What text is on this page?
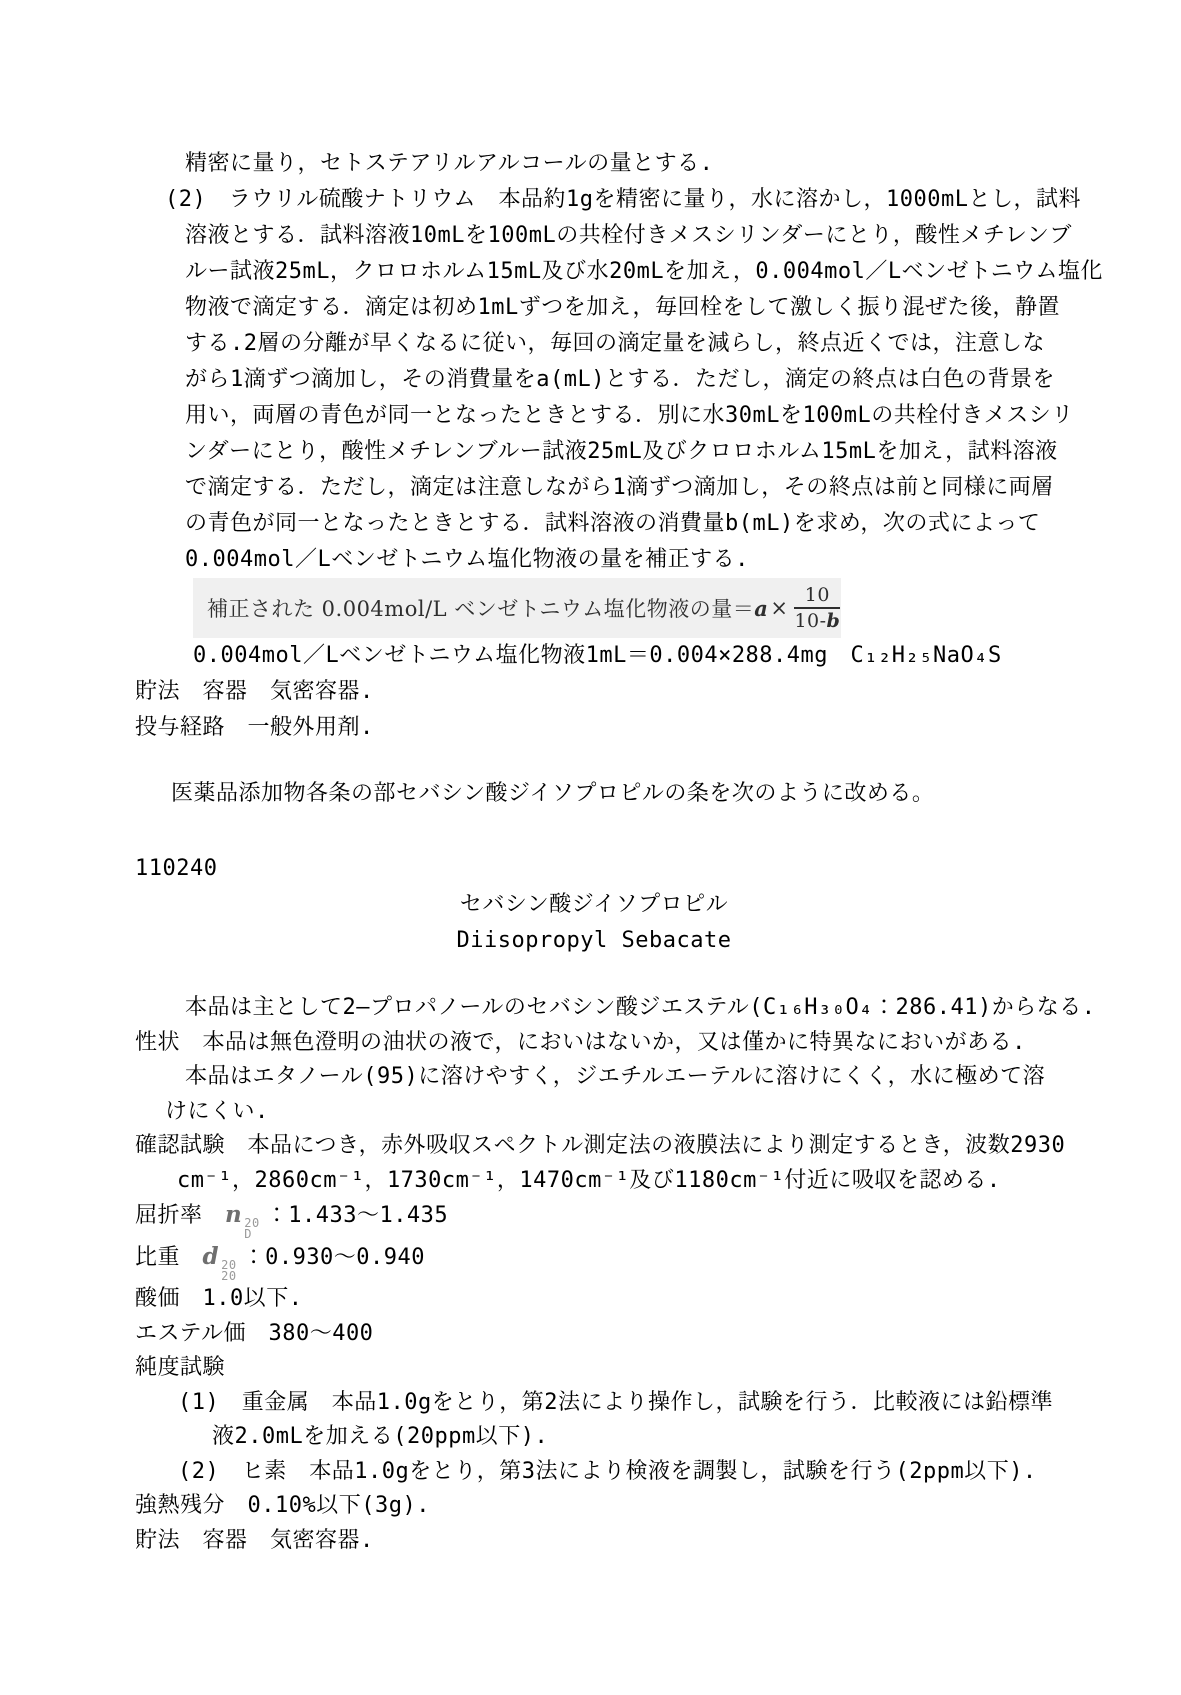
精密に量り，セトステアリルアルコールの量とする.

(2)　ラウリル硫酸ナトリウム　本品約1gを精密に量り，水に溶かし，1000mLとし，試料

溶液とする．試料溶液10mLを100mLの共栓付きメスシリンダーにとり，酸性メチレンブ

ルー試液25mL，クロロホルム15mL及び水20mLを加え，0.004mol／Lベンゼトニウム塩化

物液で滴定する．滴定は初め1mLずつを加え，毎回栓をして激しく振り混ぜた後，静置

する.2層の分離が早くなるに従い，毎回の滴定量を減らし，終点近くでは，注意しな

がら1滴ずつ滴加し，その消費量をa(mL)とする．ただし，滴定の終点は白色の背景を

用い，両層の青色が同一となったときとする．別に水30mLを100mLの共栓付きメスシリ

ンダーにとり，酸性メチレンブルー試液25mL及びクロロホルム15mLを加え，試料溶液

で滴定する．ただし，滴定は注意しながら1滴ずつ滴加し，その終点は前と同様に両層

の青色が同一となったときとする．試料溶液の消費量b(mL)を求め，次の式によって

0.004mol／Lベンゼトニウム塩化物液の量を補正する.

補正された 0.004mol/L ベンゼトニウム塩化物液の量＝ $a \times \frac{10}{10-b}$

0.004mol／Lベンゼトニウム塩化物液1mL＝0.004×288.4mg　C₁₂H₂₅NaO₄S

貯法　容器　気密容器.

投与経路　一般外用剤.

医薬品添加物各条の部セバシン酸ジイソプロピルの条を次のように改める。

110240

セバシン酸ジイソプロピル

Diisopropyl Sebacate

本品は主として2—プロパノールのセバシン酸ジエステル(C₁₆H₃₀O₄：286.41)からなる.

性状　本品は無色澄明の油状の液で，においはないか，又は僅かに特異なにおいがある.

本品はエタノール(95)に溶けやすく，ジエチルエーテルに溶けにくく，水に極めて溶

けにくい.

確認試験　本品につき，赤外吸収スペクトル測定法の液膜法により測定するとき，波数2930

cm⁻¹，2860cm⁻¹，1730cm⁻¹，1470cm⁻¹及び1180cm⁻¹付近に吸収を認める.

屈折率　 n 20
D
：1.433～1.435

比重　 d 20
20
：0.930～0.940

酸価　1.0以下.

エステル価　380～400

純度試験

(1)　重金属　本品1.0gをとり，第2法により操作し，試験を行う．比較液には鉛標準

液2.0mLを加える(20ppm以下).

(2)　ヒ素　本品1.0gをとり，第3法により検液を調製し，試験を行う(2ppm以下).

強熱残分　0.10%以下(3g).

貯法　容器　気密容器.
